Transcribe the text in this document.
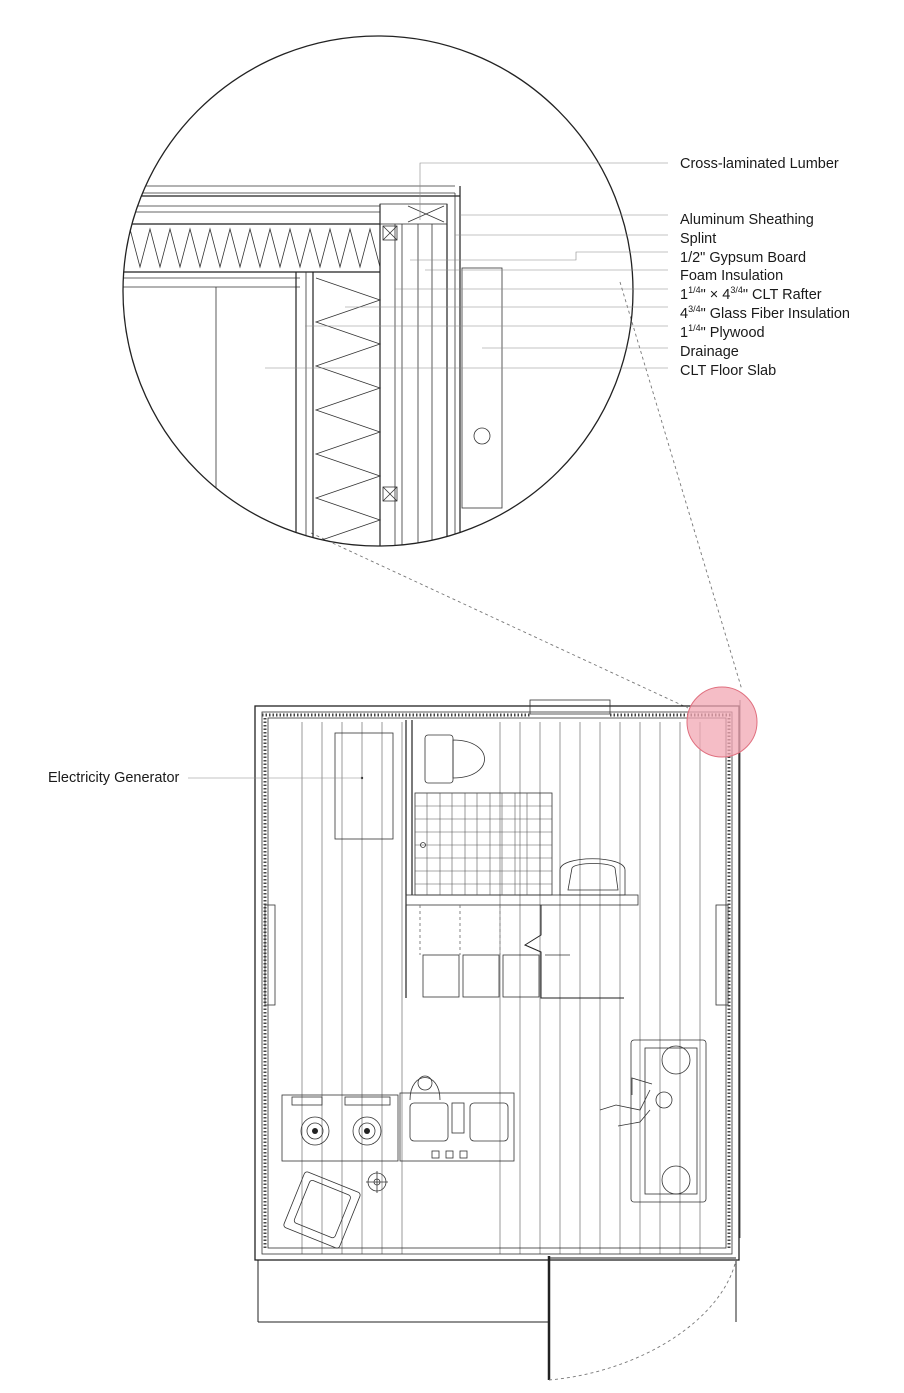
Cross-laminated Lumber
Aluminum Sheathing
Splint
1/2" Gypsum Board
Foam Insulation
$1^{1/4}$" × $4^{3/4}$" CLT Rafter
$4^{3/4}$" Glass Fiber Insulation
$1^{1/4}$" Plywood
Drainage
CLT Floor Slab
Electricity Generator
